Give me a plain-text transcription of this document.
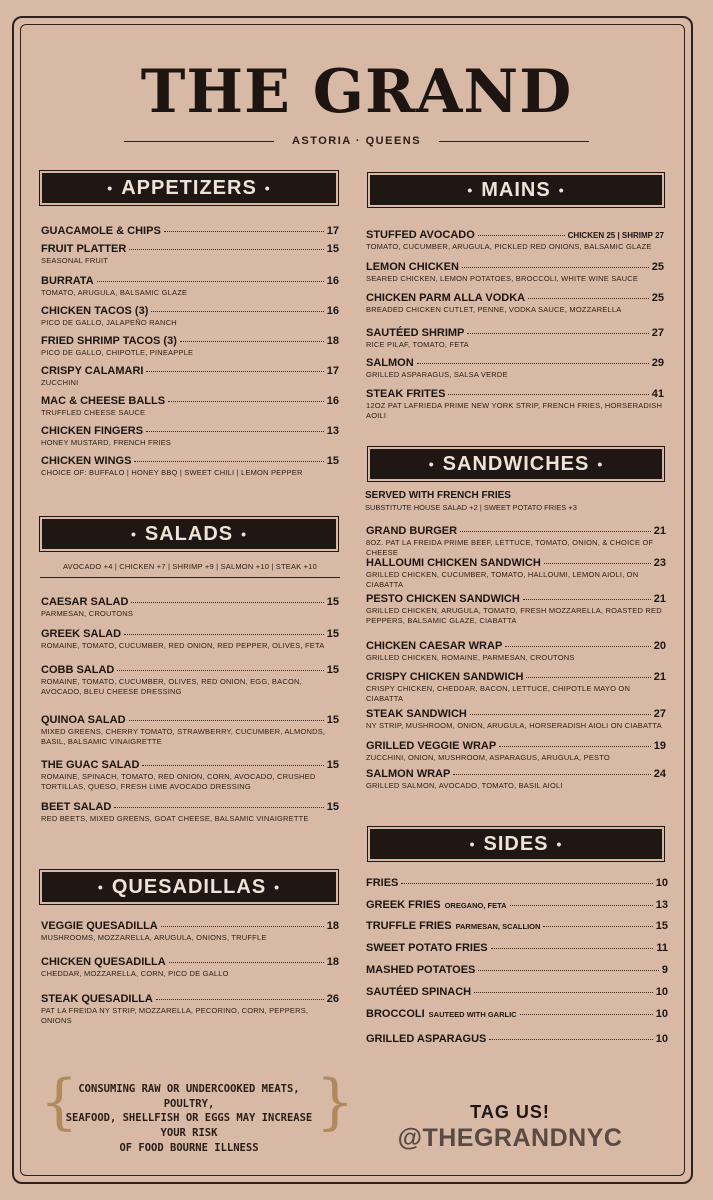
THE GRAND
ASTORIA · QUEENS
• APPETIZERS •
• SALADS •
• QUESADILLAS •
• MAINS •
• SANDWICHES •
• SIDES •
GUACAMOLE & CHIPS	17
FRUIT PLATTER	15
SEASONAL FRUIT
BURRATA	16
TOMATO, ARUGULA, BALSAMIC GLAZE
CHICKEN TACOS (3)	16
PICO DE GALLO, JALAPEÑO RANCH
FRIED SHRIMP TACOS (3)	18
PICO DE GALLO, CHIPOTLE, PINEAPPLE
CRISPY CALAMARI	17
ZUCCHINI
MAC & CHEESE BALLS	16
TRUFFLED CHEESE SAUCE
CHICKEN FINGERS	13
HONEY MUSTARD, FRENCH FRIES
CHICKEN WINGS	15
CHOICE OF: BUFFALO | HONEY BBQ | SWEET CHILI | LEMON PEPPER
AVOCADO +4 | CHICKEN +7 | SHRIMP +9 | SALMON +10 | STEAK +10
CAESAR SALAD	15
PARMESAN, CROUTONS
GREEK SALAD	15
ROMAINE, TOMATO, CUCUMBER, RED ONION, RED PEPPER, OLIVES, FETA
COBB SALAD	15
ROMAINE, TOMATO, CUCUMBER, OLIVES, RED ONION, EGG, BACON, AVOCADO, BLEU CHEESE DRESSING
QUINOA SALAD	15
MIXED GREENS, CHERRY TOMATO, STRAWBERRY, CUCUMBER, ALMONDS, BASIL, BALSAMIC VINAIGRETTE
THE GUAC SALAD	15
ROMAINE, SPINACH, TOMATO, RED ONION, CORN, AVOCADO, CRUSHED TORTILLAS, QUESO, FRESH LIME AVOCADO DRESSING
BEET SALAD	15
RED BEETS, MIXED GREENS, GOAT CHEESE, BALSAMIC VINAIGRETTE
VEGGIE QUESADILLA	18
MUSHROOMS, MOZZARELLA, ARUGULA, ONIONS, TRUFFLE
CHICKEN QUESADILLA	18
CHEDDAR, MOZZARELLA, CORN, PICO DE GALLO
STEAK QUESADILLA	26
PAT LA FREIDA NY STRIP, MOZZARELLA, PECORINO, CORN, PEPPERS, ONIONS
STUFFED AVOCADO	CHICKEN 25 | SHRIMP 27
TOMATO, CUCUMBER, ARUGULA, PICKLED RED ONIONS, BALSAMIC GLAZE
LEMON CHICKEN	25
SEARED CHICKEN, LEMON POTATOES, BROCCOLI, WHITE WINE SAUCE
CHICKEN PARM ALLA VODKA	25
BREADED CHICKEN CUTLET, PENNE, VODKA SAUCE, MOZZARELLA
SAUTÉED SHRIMP	27
RICE PILAF, TOMATO, FETA
SALMON	29
GRILLED ASPARAGUS, SALSA VERDE
STEAK FRITES	41
12OZ PAT LAFRIEDA PRIME NEW YORK STRIP, FRENCH FRIES, HORSERADISH AOILI
SERVED WITH FRENCH FRIES
SUBSTITUTE HOUSE SALAD +2 | SWEET POTATO FRIES +3
GRAND BURGER	21
8OZ. PAT LA FREIDA PRIME BEEF, LETTUCE, TOMATO, ONION, & CHOICE OF CHEESE
HALLOUMI CHICKEN SANDWICH	23
GRILLED CHICKEN, CUCUMBER, TOMATO, HALLOUMI, LEMON AIOLI, ON CIABATTA
PESTO CHICKEN SANDWICH	21
GRILLED CHICKEN, ARUGULA, TOMATO, FRESH MOZZARELLA, ROASTED RED PEPPERS, BALSAMIC GLAZE, CIABATTA
CHICKEN CAESAR WRAP	20
GRILLED CHICKEN, ROMAINE, PARMESAN, CROUTONS
CRISPY CHICKEN SANDWICH	21
CRISPY CHICKEN, CHEDDAR, BACON, LETTUCE, CHIPOTLE MAYO ON CIABATTA
STEAK SANDWICH	27
NY STRIP, MUSHROOM, ONION, ARUGULA, HORSERADISH AIOLI ON CIABATTA
GRILLED VEGGIE WRAP	19
ZUCCHINI, ONION, MUSHROOM, ASPARAGUS, ARUGULA, PESTO
SALMON WRAP	24
GRILLED SALMON, AVOCADO, TOMATO, BASIL AIOLI
FRIES	10
GREEK FRIES OREGANO, FETA	13
TRUFFLE FRIES PARMESAN, SCALLION	15
SWEET POTATO FRIES	11
MASHED POTATOES	9
SAUTÉED SPINACH	10
BROCCOLI SAUTEED WITH GARLIC	10
GRILLED ASPARAGUS	10
{ CONSUMING RAW OR UNDERCOOKED MEATS, POULTRY,
SEAFOOD, SHELLFISH OR EGGS MAY INCREASE YOUR RISK
OF FOOD BOURNE ILLNESS
}	TAG US!
@THEGRANDNYC
